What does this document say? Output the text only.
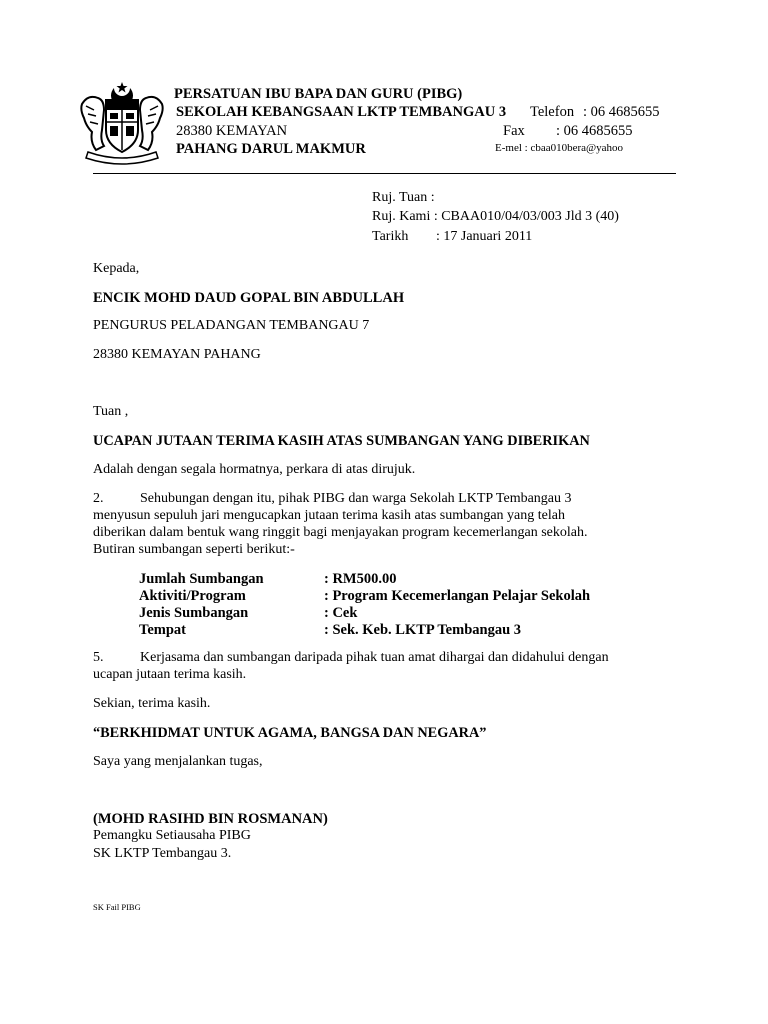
PERSATUAN IBU BAPA DAN GURU (PIBG)
SEKOLAH KEBANGSAAN LKTP TEMBANGAU 3
28380 KEMAYAN
PAHANG DARUL MAKMUR
Telefon : 06 4685655
Fax : 06 4685655
E-mel : cbaa010bera@yahoo
Ruj. Tuan :
Ruj. Kami : CBAA010/04/03/003 Jld 3 (40)
Tarikh : 17 Januari 2011
Kepada,
ENCIK MOHD DAUD GOPAL BIN ABDULLAH
PENGURUS PELADANGAN TEMBANGAU 7
28380 KEMAYAN PAHANG
Tuan ,
UCAPAN JUTAAN TERIMA KASIH ATAS SUMBANGAN YANG DIBERIKAN
Adalah dengan segala hormatnya, perkara di atas dirujuk.
2.	Sehubungan dengan itu, pihak PIBG dan warga Sekolah LKTP Tembangau 3
menyusun sepuluh jari mengucapkan jutaan terima kasih atas sumbangan yang telah
diberikan dalam bentuk wang ringgit bagi menjayakan program kecemerlangan sekolah.
Butiran sumbangan seperti berikut:-
Jumlah Sumbangan	: RM500.00
Aktiviti/Program	: Program Kecemerlangan Pelajar Sekolah
Jenis Sumbangan	: Cek
Tempat	: Sek. Keb. LKTP Tembangau 3
5.	Kerjasama dan sumbangan daripada pihak tuan amat dihargai dan didahului dengan
ucapan jutaan terima kasih.
Sekian, terima kasih.
“BERKHIDMAT UNTUK AGAMA, BANGSA DAN NEGARA”
Saya yang menjalankan tugas,
(MOHD RASIHD BIN ROSMANAN)
Pemangku Setiausaha PIBG
SK LKTP Tembangau 3.
SK Fail PIBG
